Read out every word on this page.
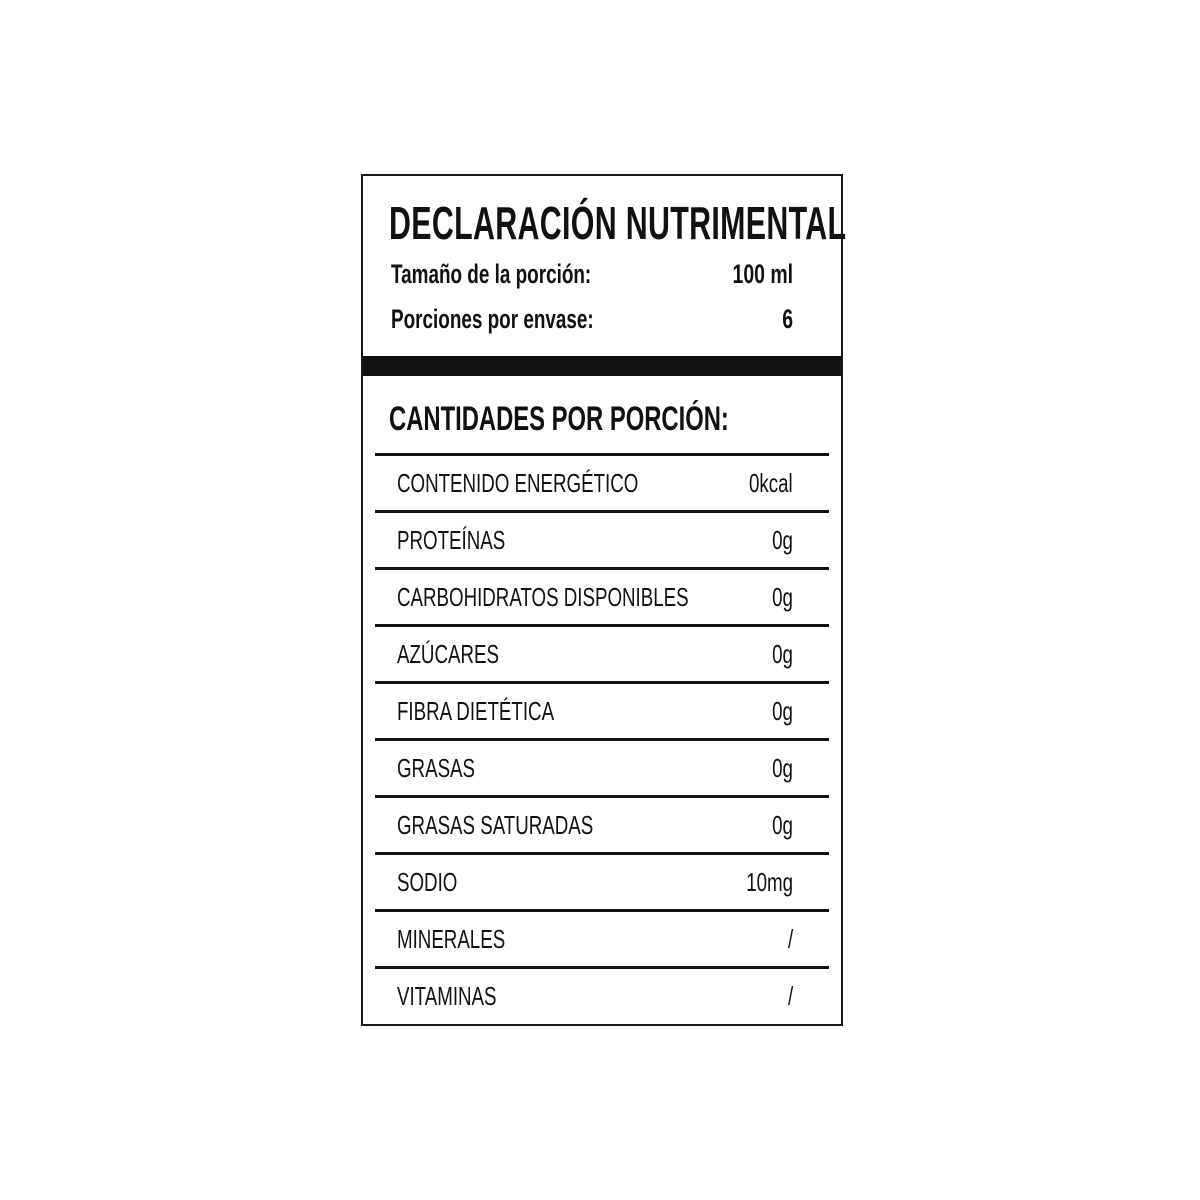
DECLARACIÓN NUTRIMENTAL
Tamaño de la porción:	100 ml
Porciones por envase:	6
CANTIDADES POR PORCIÓN:
CONTENIDO ENERGÉTICO	0kcal
PROTEÍNAS	0g
CARBOHIDRATOS DISPONIBLES	0g
AZÚCARES	0g
FIBRA DIETÉTICA	0g
GRASAS	0g
GRASAS SATURADAS	0g
SODIO	10mg
MINERALES	/
VITAMINAS	/
